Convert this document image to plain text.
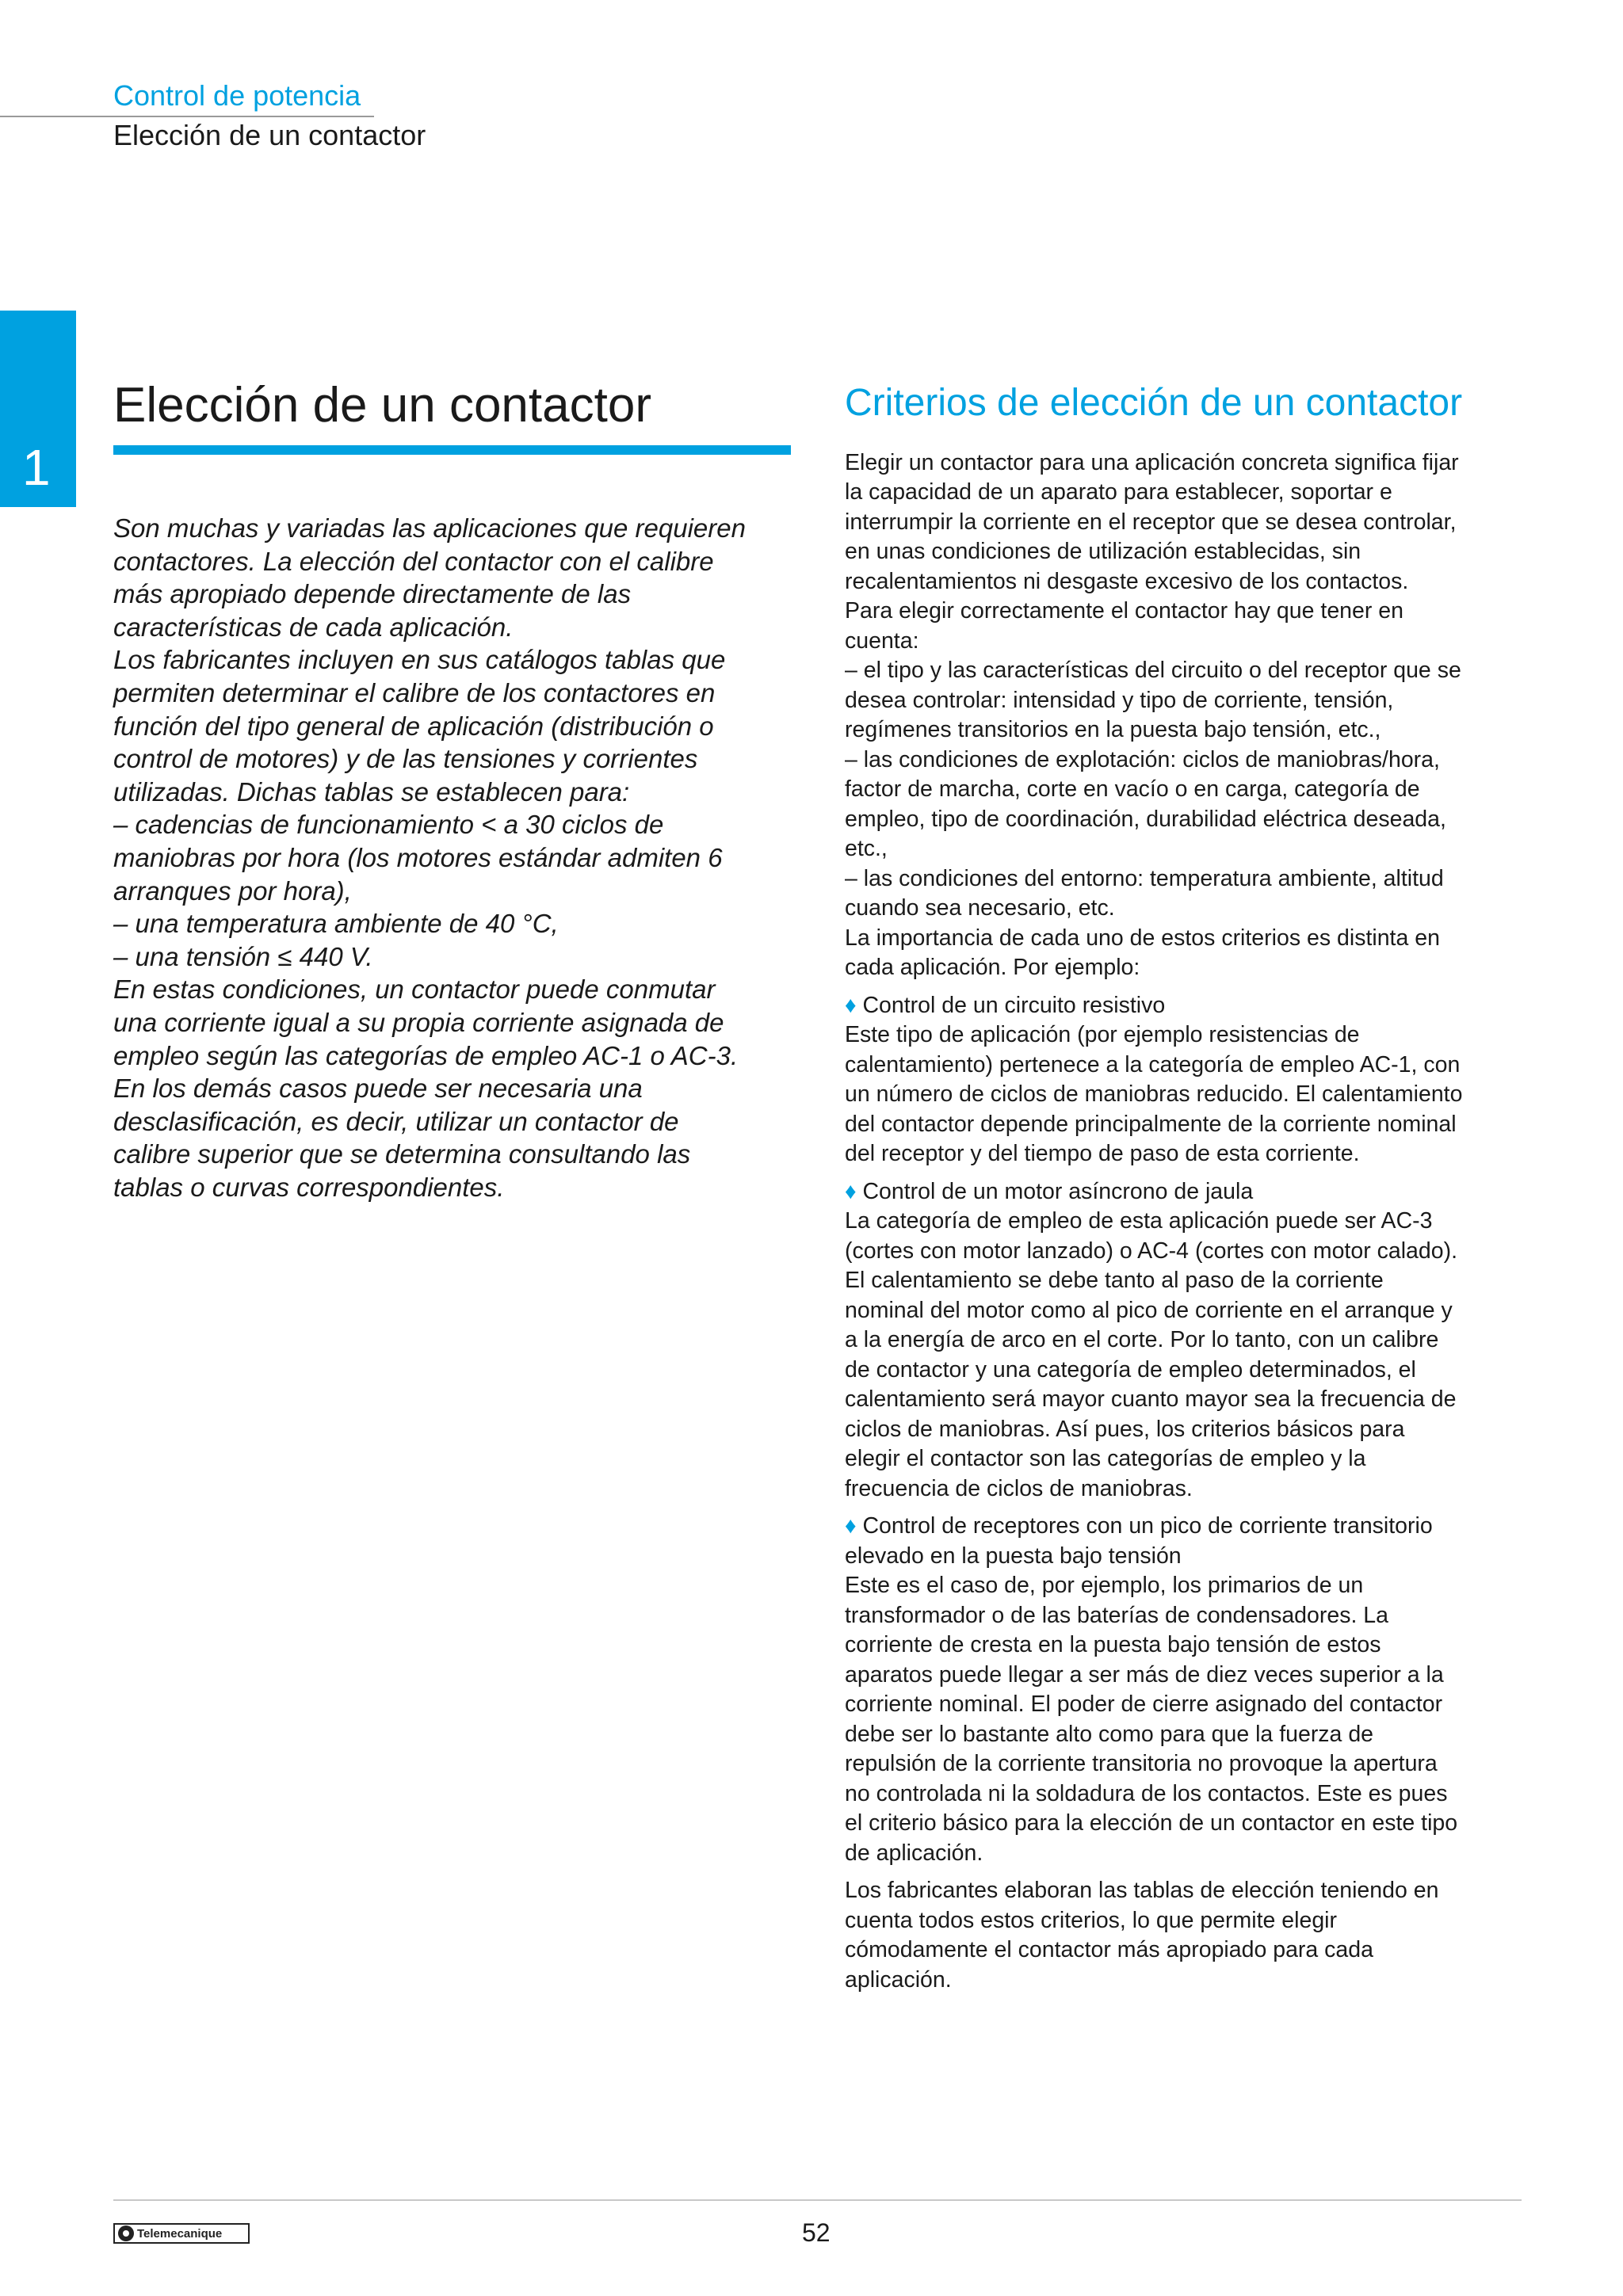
Control de potencia
Elección de un contactor
1
Elección de un contactor

Son muchas y variadas las aplicaciones que requieren

contactores. La elección del contactor con el calibre

más apropiado depende directamente de las

características de cada aplicación.

Los fabricantes incluyen en sus catálogos tablas que

permiten determinar el calibre de los contactores en

función del tipo general de aplicación (distribución o

control de motores) y de las tensiones y corrientes

utilizadas. Dichas tablas se establecen para:

– cadencias de funcionamiento < a 30 ciclos de

maniobras por hora (los motores estándar admiten 6

arranques por hora),

– una temperatura ambiente de 40 °C,

– una tensión ≤ 440 V.

En estas condiciones, un contactor puede conmutar

una corriente igual a su propia corriente asignada de

empleo según las categorías de empleo AC-1 o AC-3.

En los demás casos puede ser necesaria una

desclasificación, es decir, utilizar un contactor de

calibre superior que se determina consultando las

tablas o curvas correspondientes.

Criterios de elección de un contactor

Elegir un contactor para una aplicación concreta significa fijar

la capacidad de un aparato para establecer, soportar e

interrumpir la corriente en el receptor que se desea controlar,

en unas condiciones de utilización establecidas, sin

recalentamientos ni desgaste excesivo de los contactos.

Para elegir correctamente el contactor hay que tener en

cuenta:

– el tipo y las características del circuito o del receptor que se

desea controlar: intensidad y tipo de corriente, tensión,

regímenes transitorios en la puesta bajo tensión, etc.,

– las condiciones de explotación: ciclos de maniobras/hora,

factor de marcha, corte en vacío o en carga, categoría de

empleo, tipo de coordinación, durabilidad eléctrica deseada,

etc.,

– las condiciones del entorno: temperatura ambiente, altitud

cuando sea necesario, etc.

La importancia de cada uno de estos criterios es distinta en

cada aplicación. Por ejemplo:

♦ Control de un circuito resistivo

Este tipo de aplicación (por ejemplo resistencias de

calentamiento) pertenece a la categoría de empleo AC-1, con

un número de ciclos de maniobras reducido. El calentamiento

del contactor depende principalmente de la corriente nominal

del receptor y del tiempo de paso de esta corriente.

♦ Control de un motor asíncrono de jaula

La categoría de empleo de esta aplicación puede ser AC-3

(cortes con motor lanzado) o AC-4 (cortes con motor calado).

El calentamiento se debe tanto al paso de la corriente

nominal del motor como al pico de corriente en el arranque y

a la energía de arco en el corte. Por lo tanto, con un calibre

de contactor y una categoría de empleo determinados, el

calentamiento será mayor cuanto mayor sea la frecuencia de

ciclos de maniobras. Así pues, los criterios básicos para

elegir el contactor son las categorías de empleo y la

frecuencia de ciclos de maniobras.

♦ Control de receptores con un pico de corriente transitorio

elevado en la puesta bajo tensión

Este es el caso de, por ejemplo, los primarios de un

transformador o de las baterías de condensadores. La

corriente de cresta en la puesta bajo tensión de estos

aparatos puede llegar a ser más de diez veces superior a la

corriente nominal. El poder de cierre asignado del contactor

debe ser lo bastante alto como para que la fuerza de

repulsión de la corriente transitoria no provoque la apertura

no controlada ni la soldadura de los contactos. Este es pues

el criterio básico para la elección de un contactor en este tipo

de aplicación.

Los fabricantes elaboran las tablas de elección teniendo en

cuenta todos estos criterios, lo que permite elegir

cómodamente el contactor más apropiado para cada

aplicación.

Telemecanique	52
